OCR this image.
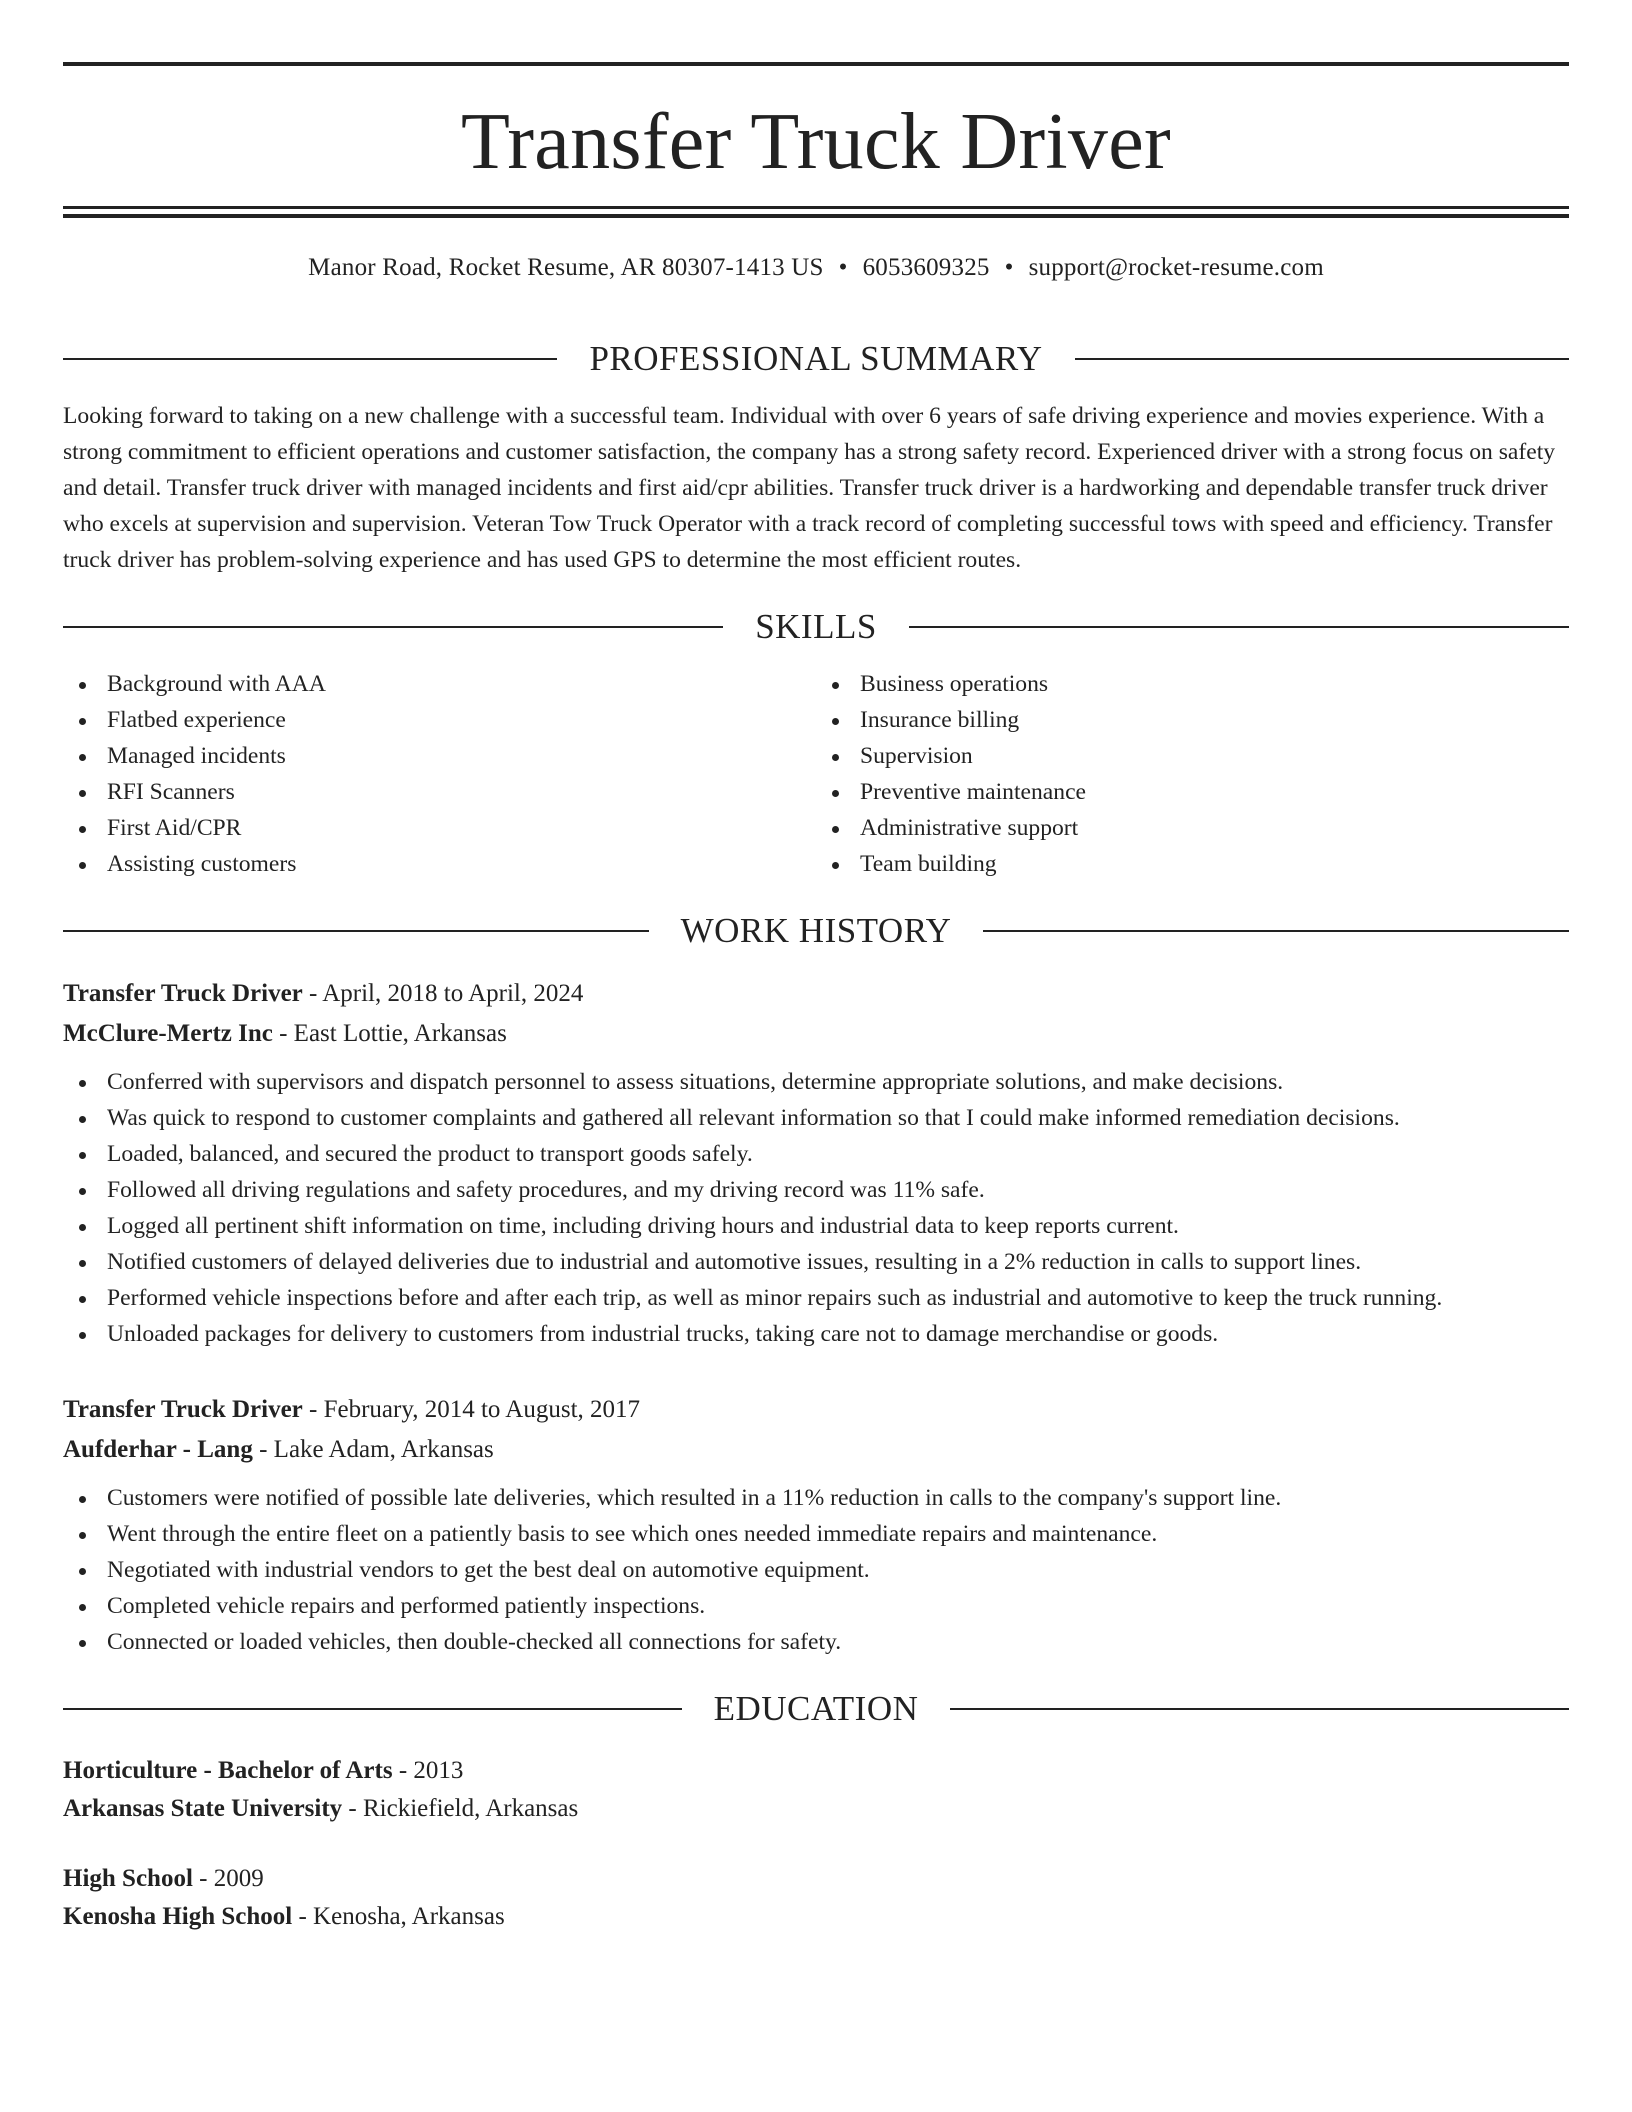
Transfer Truck Driver
Manor Road, Rocket Resume, AR 80307-1413 US • 6053609325 • support@rocket-resume.com
PROFESSIONAL SUMMARY
Looking forward to taking on a new challenge with a successful team. Individual with over 6 years of safe driving experience and movies experience. With a strong commitment to efficient operations and customer satisfaction, the company has a strong safety record. Experienced driver with a strong focus on safety and detail. Transfer truck driver with managed incidents and first aid/cpr abilities. Transfer truck driver is a hardworking and dependable transfer truck driver who excels at supervision and supervision. Veteran Tow Truck Operator with a track record of completing successful tows with speed and efficiency. Transfer truck driver has problem-solving experience and has used GPS to determine the most efficient routes.
SKILLS
Background with AAA
Flatbed experience
Managed incidents
RFI Scanners
First Aid/CPR
Assisting customers
Business operations
Insurance billing
Supervision
Preventive maintenance
Administrative support
Team building
WORK HISTORY
Transfer Truck Driver - April, 2018 to April, 2024
McClure-Mertz Inc - East Lottie, Arkansas
Conferred with supervisors and dispatch personnel to assess situations, determine appropriate solutions, and make decisions.
Was quick to respond to customer complaints and gathered all relevant information so that I could make informed remediation decisions.
Loaded, balanced, and secured the product to transport goods safely.
Followed all driving regulations and safety procedures, and my driving record was 11% safe.
Logged all pertinent shift information on time, including driving hours and industrial data to keep reports current.
Notified customers of delayed deliveries due to industrial and automotive issues, resulting in a 2% reduction in calls to support lines.
Performed vehicle inspections before and after each trip, as well as minor repairs such as industrial and automotive to keep the truck running.
Unloaded packages for delivery to customers from industrial trucks, taking care not to damage merchandise or goods.
Transfer Truck Driver - February, 2014 to August, 2017
Aufderhar - Lang - Lake Adam, Arkansas
Customers were notified of possible late deliveries, which resulted in a 11% reduction in calls to the company's support line.
Went through the entire fleet on a patiently basis to see which ones needed immediate repairs and maintenance.
Negotiated with industrial vendors to get the best deal on automotive equipment.
Completed vehicle repairs and performed patiently inspections.
Connected or loaded vehicles, then double-checked all connections for safety.
EDUCATION
Horticulture - Bachelor of Arts - 2013
Arkansas State University - Rickiefield, Arkansas
High School - 2009
Kenosha High School - Kenosha, Arkansas
